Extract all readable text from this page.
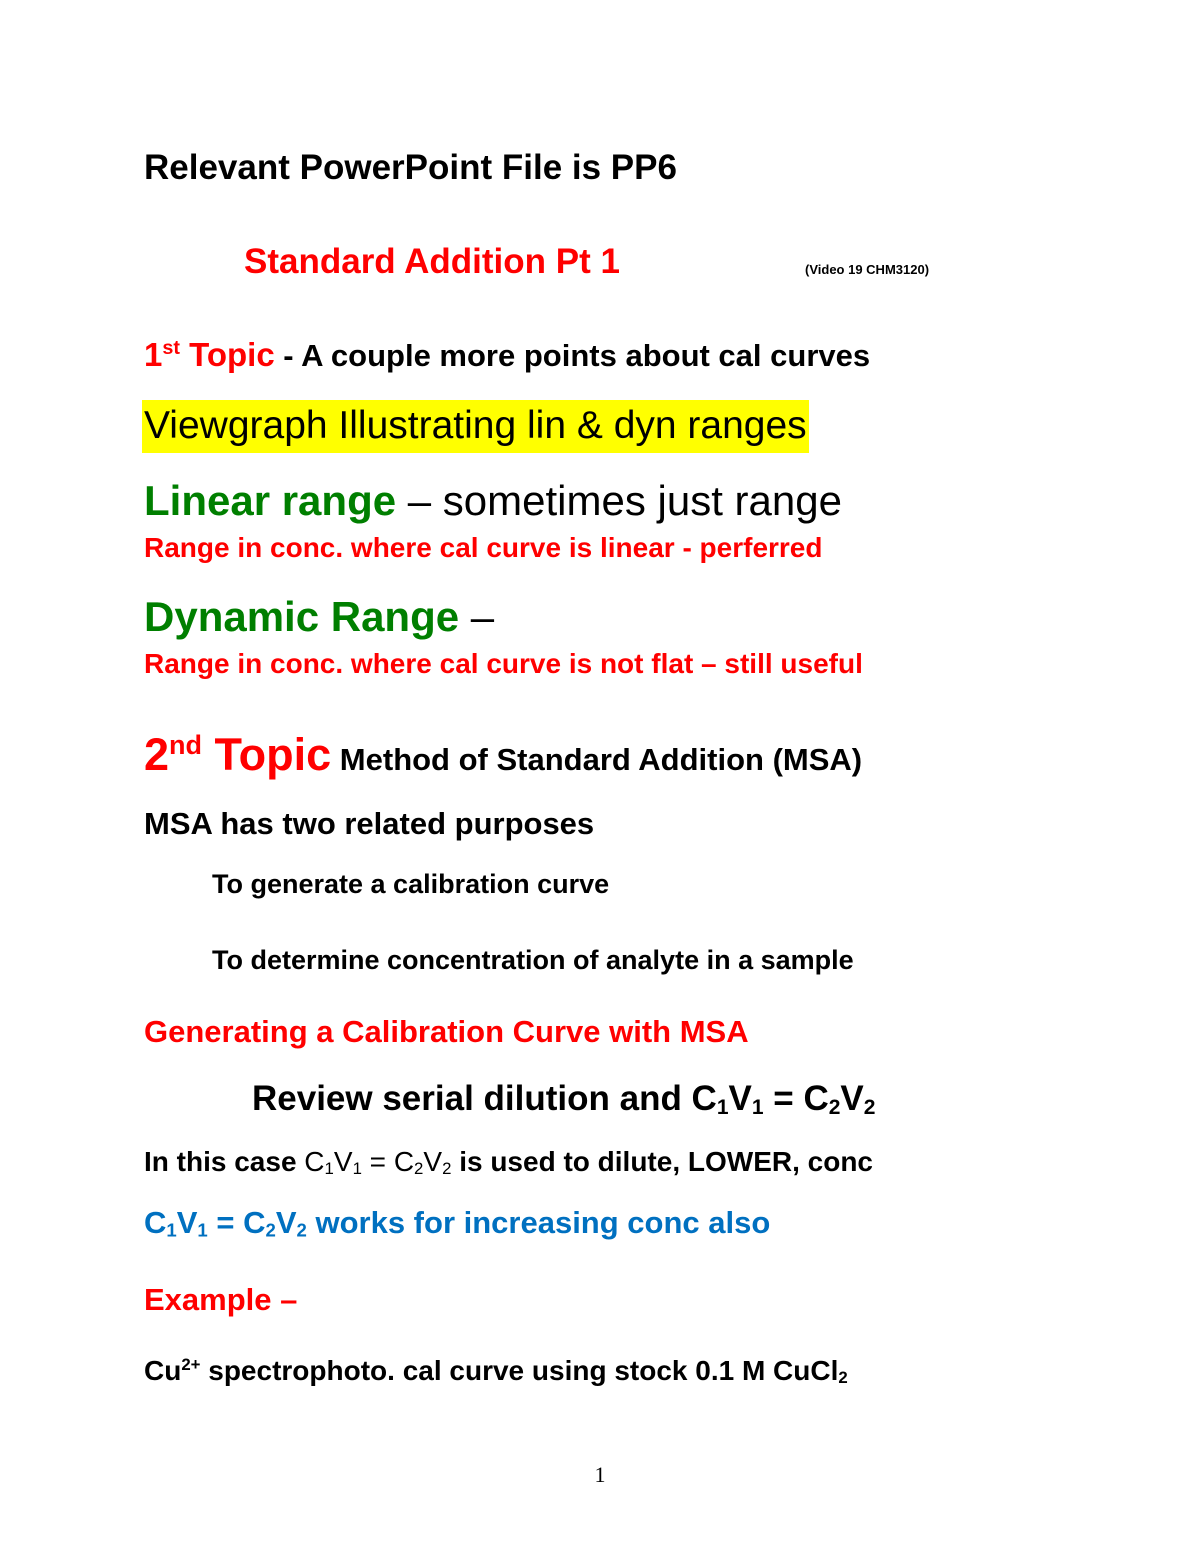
Relevant PowerPoint File is PP6
Standard Addition Pt 1	(Video 19 CHM3120)
1st Topic - A couple more points about cal curves
Viewgraph Illustrating lin & dyn ranges
Linear range – sometimes just range
Range in conc. where cal curve is linear - perferred
Dynamic Range –
Range in conc. where cal curve is not flat – still useful
2nd Topic Method of Standard Addition (MSA)
MSA has two related purposes
To generate a calibration curve
To determine concentration of analyte in a sample
Generating a Calibration Curve with MSA
Review serial dilution and $C_1V_1 = C_2V_2$
In this case $C_1V_1 = C_2V_2$ is used to dilute, LOWER, conc
$C_1V_1 = C_2V_2$ works for increasing conc also
Example –
$Cu^{2+}$ spectrophoto. cal curve using stock 0.1 M CuCl$_2$
1
